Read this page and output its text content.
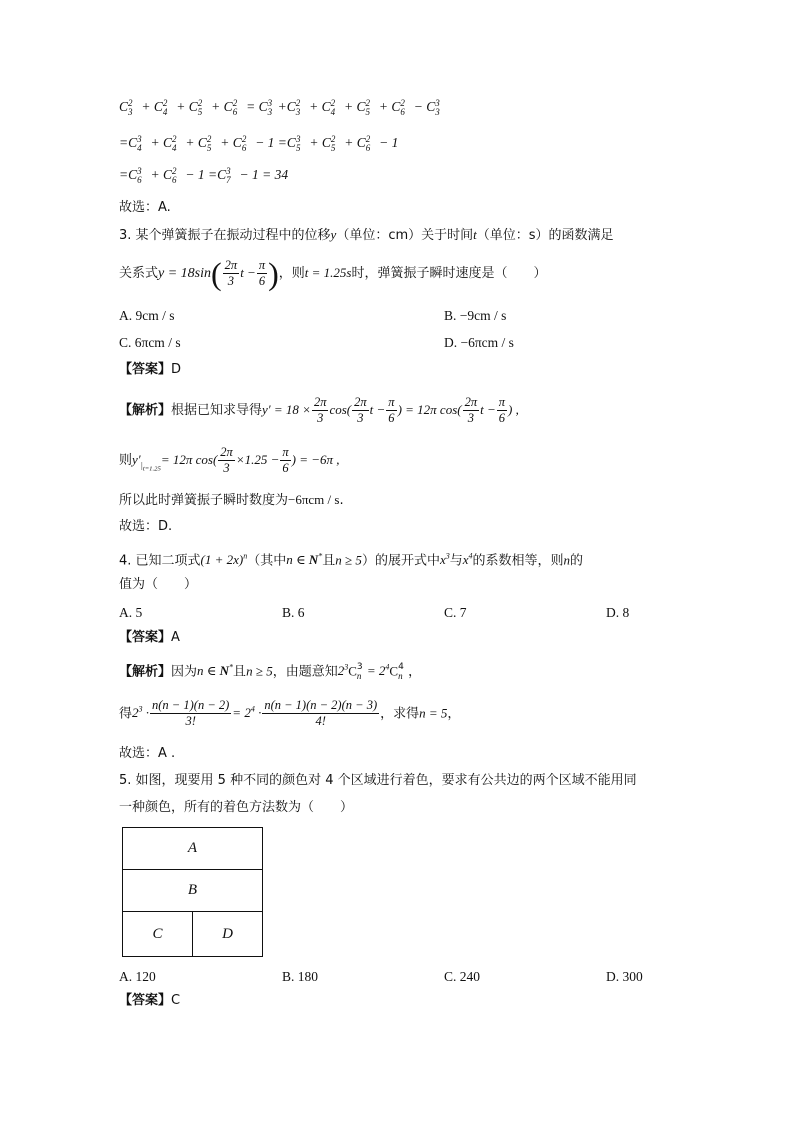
C 2
3 + C 2
4 + C 2
5 + C 2
6 = C 3
3 +C 2
3 + C 2
4 + C 2
5 + C 2
6 − C 3
3
=C 3
4 + C 2
4 + C 2
5 + C 2
6 − 1 =C 3
5 + C 2
5 + C 2
6 − 1
=C 3
6 + C 2
6 − 1 =C 3
7 − 1 = 34
故选：A.
3. 某个弹簧振子在振动过程中的位移y（单位：cm）关于时间t（单位：s）的函数满足
关系式$y = 18\sin( \frac{2\pi}{3}$ $t - \frac{\pi}{6}$ )，则t = 1.25s时，弹簧振子瞬时速度是（　　）
A. 9cm / s	B. −9cm / s
C. 6πcm / s	D. −6πcm / s
【答案】D
【解析】根据已知求导得$y' = 18 \times \frac{2\pi}{3} \cos( \frac{2\pi}{3}$ $t - \frac{\pi}{6}$ ) = 12π $\cos( \frac{2\pi}{3}$ $t - \frac{\pi}{6}$ ) ,
则$y'_{|_{t=1.25}}= 12\pi$ $\cos( \frac{2\pi}{3} \times 1.25 - \frac{\pi}{6}$ ) = −6π ,
所以此时弹簧振子瞬时数度为−6πcm / s.
故选：D.
4. 已知二项式$(1 + 2x)^n$（其中n ∈ N*且n ≥ 5）的展开式中$x^3$与$x^4$的系数相等，则n的
值为（　　）
A. 5	B. 6	C. 7	D. 8
【答案】A
【解析】因为n ∈ N*且n ≥ 5，由题意知$2^3C$ 3
$n = 2^4C$ 4
n ，
得$2^3 \cdot \frac{n(n - 1)(n - 2)}{3!} = 2^4 \cdot \frac{n(n - 1)(n - 2)(n - 3)}{4!}$ ，求得n = 5，
故选：A .
5. 如图，现要用 5 种不同的颜色对 4 个区域进行着色，要求有公共边的两个区域不能用同
一种颜色，所有的着色方法数为（　　）
A
B
C	D
A. 120	B. 180	C. 240	D. 300
【答案】C
